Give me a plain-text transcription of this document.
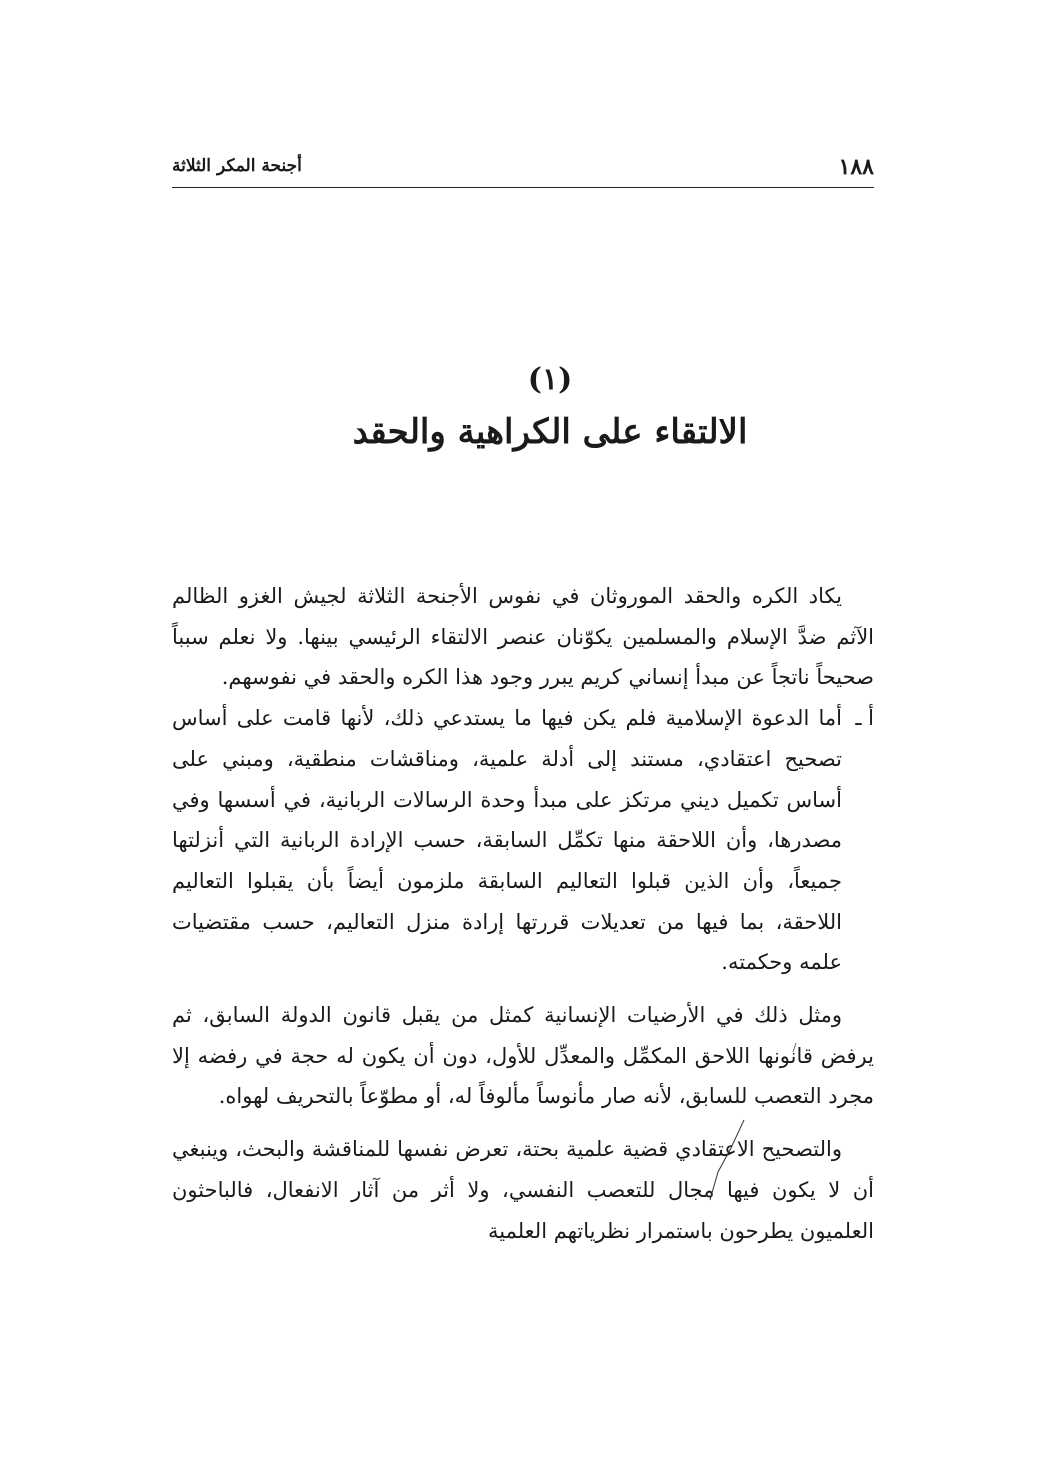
١٨٨
أجنحة المكر الثلاثة
(١)
الالتقاء على الكراهية والحقد

يكاد الكره والحقد الموروثان في نفوس الأجنحة الثلاثة لجيش الغزو الظالم الآثم ضدَّ الإسلام والمسلمين يكوّنان عنصر الالتقاء الرئيسي بينها. ولا نعلم سبباً صحيحاً ناتجاً عن مبدأ إنساني كريم يبرر وجود هذا الكره والحقد في نفوسهم.

أ ـ
أما الدعوة الإسلامية فلم يكن فيها ما يستدعي ذلك، لأنها قامت على أساس تصحيح اعتقادي، مستند إلى أدلة علمية، ومناقشات منطقية، ومبني على أساس تكميل ديني مرتكز على مبدأ وحدة الرسالات الربانية، في أسسها وفي مصدرها، وأن اللاحقة منها تكمِّل السابقة، حسب الإرادة الربانية التي أنزلتها جميعاً، وأن الذين قبلوا التعاليم السابقة ملزمون أيضاً بأن يقبلوا التعاليم اللاحقة، بما فيها من تعديلات قررتها إرادة منزل التعاليم، حسب مقتضيات علمه وحكمته.

ومثل ذلك في الأرضيات الإنسانية كمثل من يقبل قانون الدولة السابق، ثم يرفض قانونها اللاحق المكمِّل والمعدِّل للأول، دون أن يكون له حجة في رفضه إلا مجرد التعصب للسابق، لأنه صار مأنوساً مألوفاً له، أو مطوّعاً بالتحريف لهواه.

والتصحيح الاعتقادي قضية علمية بحتة، تعرض نفسها للمناقشة والبحث، وينبغي أن لا يكون فيها مجال للتعصب النفسي، ولا أثر من آثار الانفعال، فالباحثون العلميون يطرحون باستمرار نظرياتهم العلمية
